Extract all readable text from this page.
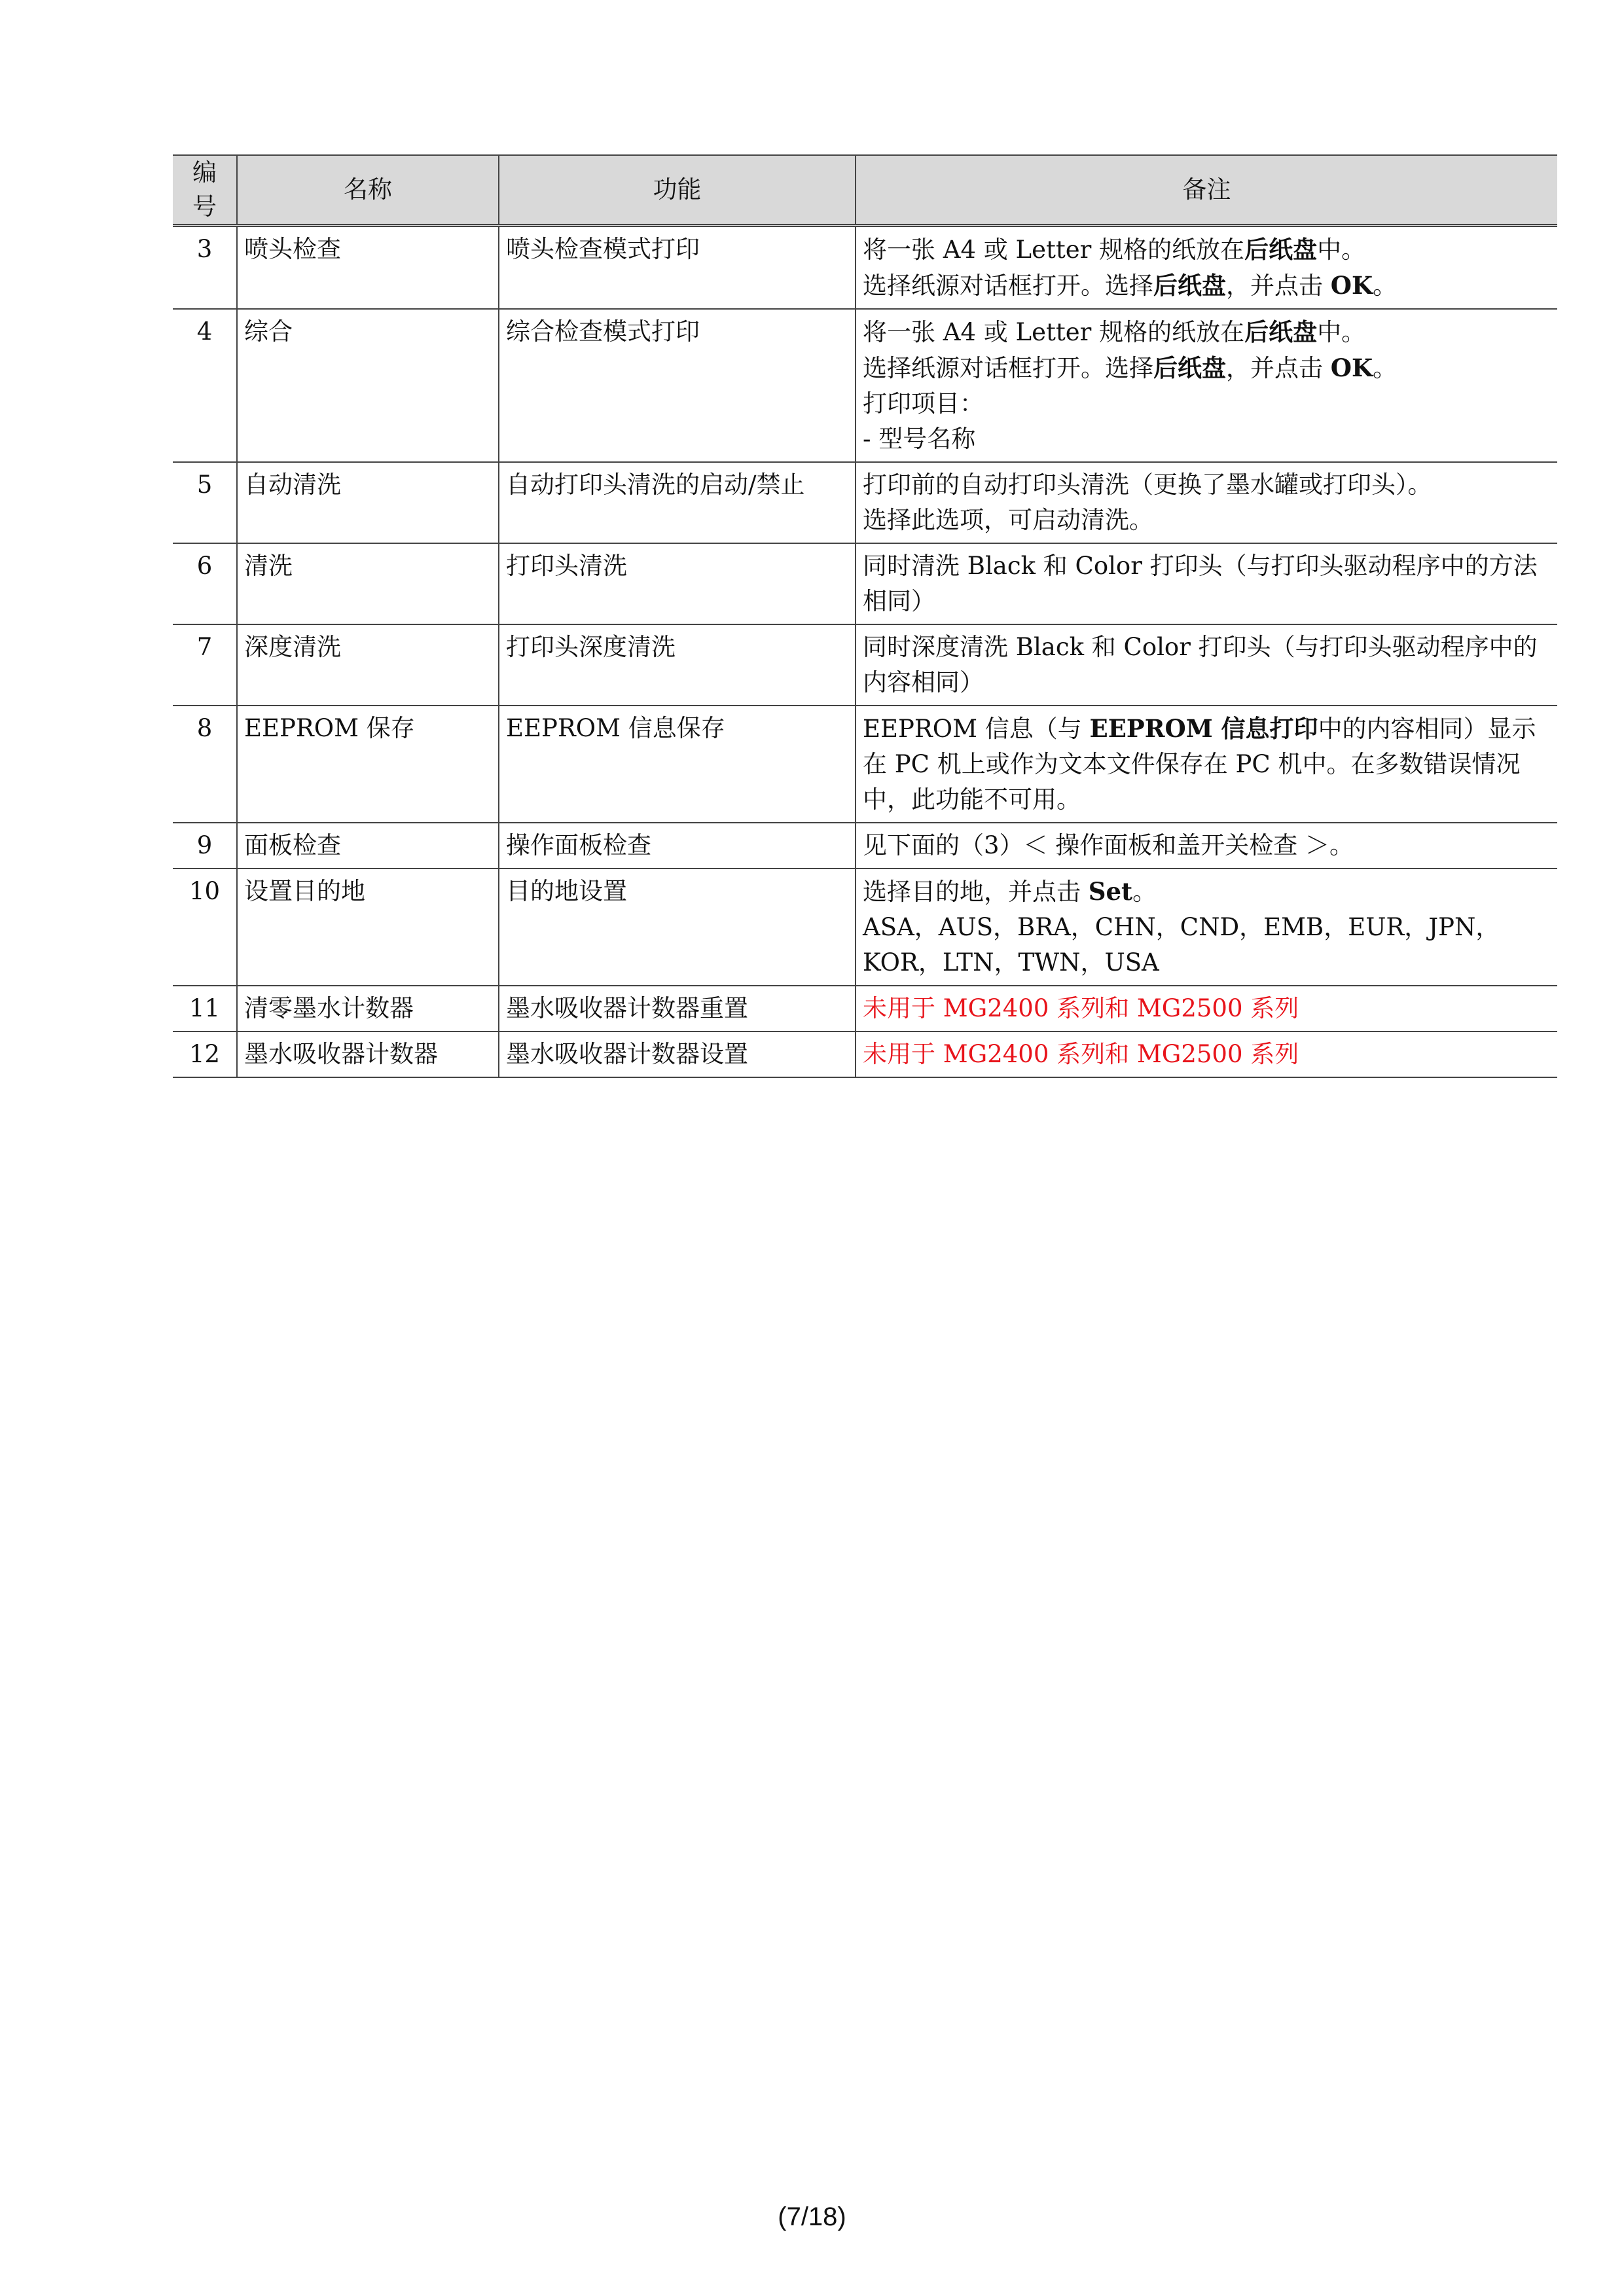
编
号	名称	功能	备注
3	喷头检查	喷头检查模式打印	将一张 A4 或 Letter 规格的纸放在后纸盘中。
选择纸源对话框打开。选择后纸盘，并点击 OK。

4	综合	综合检查模式打印	将一张 A4 或 Letter 规格的纸放在后纸盘中。
选择纸源对话框打开。选择后纸盘，并点击 OK。
打印项目：
- 型号名称

5	自动清洗	自动打印头清洗的启动/禁止	打印前的自动打印头清洗（更换了墨水罐或打印头）。
选择此选项，可启动清洗。

6	清洗	打印头清洗	同时清洗 Black 和 Color 打印头（与打印头驱动程序中的方法相同）
7	深度清洗	打印头深度清洗	同时深度清洗 Black 和 Color 打印头（与打印头驱动程序中的内容相同）
8	EEPROM 保存	EEPROM 信息保存	EEPROM 信息（与 EEPROM 信息打印中的内容相同）显示在 PC 机上或作为文本文件保存在 PC 机中。在多数错误情况中，此功能不可用。
9	面板检查	操作面板检查	见下面的（3）＜ 操作面板和盖开关检查 ＞。
10	设置目的地	目的地设置	选择目的地，并点击 Set。
ASA，AUS，BRA，CHN，CND，EMB，EUR，JPN，KOR，LTN，TWN，USA

11	清零墨水计数器	墨水吸收器计数器重置	未用于 MG2400 系列和 MG2500 系列
12	墨水吸收器计数器	墨水吸收器计数器设置	未用于 MG2400 系列和 MG2500 系列
(7/18)
